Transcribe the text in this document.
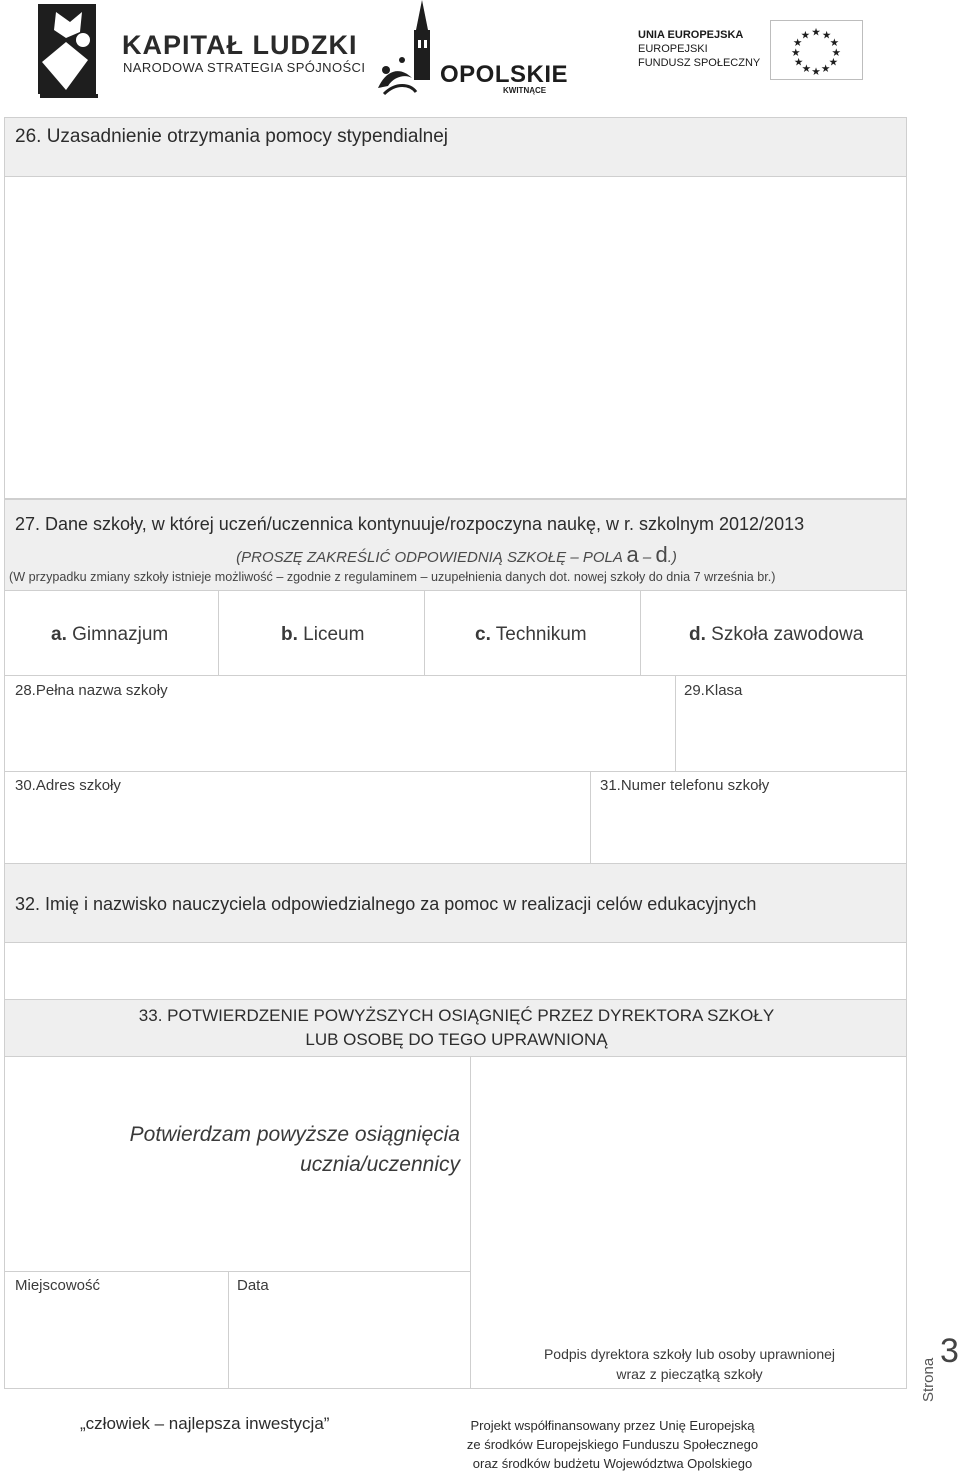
KAPITAŁ LUDZKI
NARODOWA STRATEGIA SPÓJNOŚCI	OPOLSKIE
KWITNĄCE
UNIA EUROPEJSKA
EUROPEJSKI
FUNDUSZ SPOŁECZNY
★ ★
★
★
★
★
★
★
★
★
★
★
26. Uzasadnienie otrzymania pomocy stypendialnej
27. Dane szkoły, w której uczeń/uczennica kontynuuje/rozpoczyna naukę, w r. szkolnym 2012/2013
(PROSZĘ ZAKREŚLIĆ ODPOWIEDNIĄ SZKOŁĘ – POLA a – d.)
(W przypadku zmiany szkoły istnieje możliwość – zgodnie z regulaminem – uzupełnienia danych dot. nowej szkoły do dnia 7 września br.)
a. Gimnazjum	b. Liceum	c. Technikum	d. Szkoła zawodowa
28.Pełna nazwa szkoły	29.Klasa
30.Adres szkoły	31.Numer telefonu szkoły
32. Imię i nazwisko nauczyciela odpowiedzialnego za pomoc w realizacji celów edukacyjnych
33. POTWIERDZENIE POWYŻSZYCH OSIĄGNIĘĆ PRZEZ DYREKTORA SZKOŁY
LUB OSOBĘ DO TEGO UPRAWNIONĄ
Potwierdzam powyższe osiągnięcia
ucznia/uczennicy
Miejscowość	Data
Podpis dyrektora szkoły lub osoby uprawnionej
wraz z pieczątką szkoły	Strona
3
„człowiek – najlepsza inwestycja”	Projekt współfinansowany przez Unię Europejską
ze środków Europejskiego Funduszu Społecznego
oraz środków budżetu Województwa Opolskiego
